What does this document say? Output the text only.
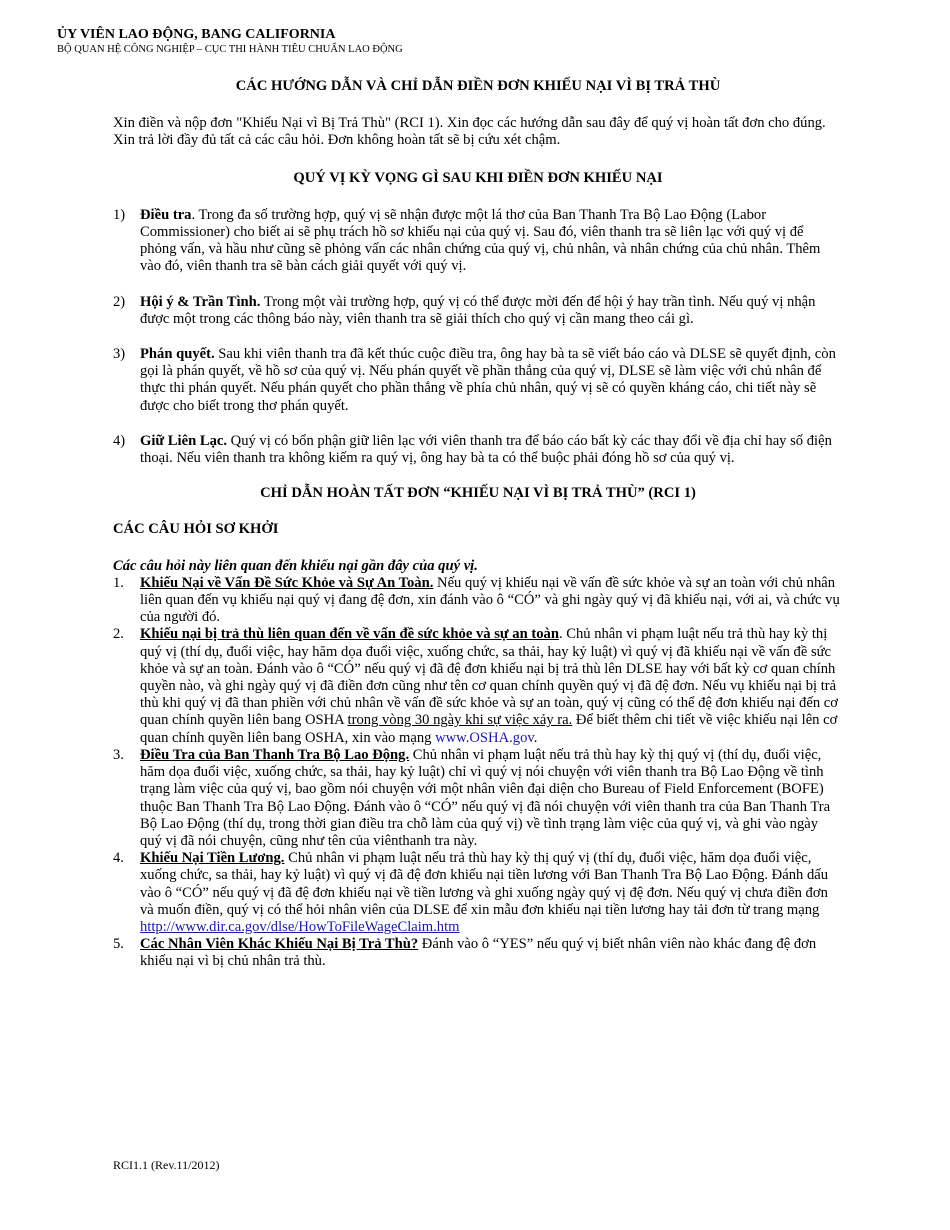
ỦY VIÊN LAO ĐỘNG, BANG CALIFORNIA
BỘ QUAN HỆ CÔNG NGHIỆP – CỤC THI HÀNH TIÊU CHUẨN LAO ĐỘNG

CÁC HƯỚNG DẪN VÀ CHỈ DẪN ĐIỀN ĐƠN KHIẾU NẠI VÌ BỊ TRẢ THÙ

Xin điền và nộp đơn "Khiếu Nại vì Bị Trả Thù" (RCI 1). Xin đọc các hướng dẫn sau đây để quý vị hoàn tất đơn cho đúng. Xin trả lời đầy đủ tất cả các câu hỏi. Đơn không hoàn tất sẽ bị cứu xét chậm.

QUÝ VỊ KỲ VỌNG GÌ SAU KHI ĐIỀN ĐƠN KHIẾU NẠI

1) Điều tra. Trong đa số trường hợp, quý vị sẽ nhận được một lá thơ của Ban Thanh Tra Bộ Lao Động (Labor Commissioner) cho biết ai sẽ phụ trách hồ sơ khiếu nại của quý vị. Sau đó, viên thanh tra sẽ liên lạc với quý vị để phỏng vấn, và hầu như cũng sẽ phỏng vấn các nhân chứng của quý vị, chủ nhân, và nhân chứng của chủ nhân. Thêm vào đó, viên thanh tra sẽ bàn cách giải quyết với quý vị.
2) Hội ý & Trần Tình. Trong một vài trường hợp, quý vị có thể được mời đến để hội ý hay trần tình. Nếu quý vị nhận được một trong các thông báo này, viên thanh tra sẽ giải thích cho quý vị cần mang theo cái gì.
3) Phán quyết. Sau khi viên thanh tra đã kết thúc cuộc điều tra, ông hay bà ta sẽ viết báo cáo và DLSE sẽ quyết định, còn gọi là phán quyết, về hồ sơ của quý vị. Nếu phán quyết về phần thắng của quý vị, DLSE sẽ làm việc với chủ nhân để thực thi phán quyết. Nếu phán quyết cho phần thắng về phía chủ nhân, quý vị sẽ có quyền kháng cáo, chi tiết này sẽ được cho biết trong thơ phán quyết.
4) Giữ Liên Lạc. Quý vị có bổn phận giữ liên lạc với viên thanh tra để báo cáo bất kỳ các thay đổi về địa chỉ hay số điện thoại. Nếu viên thanh tra không kiếm ra quý vị, ông hay bà ta có thể buộc phải đóng hồ sơ của quý vị.

CHỈ DẪN HOÀN TẤT ĐƠN “KHIẾU NẠI VÌ BỊ TRẢ THÙ” (RCI 1)

CÁC CÂU HỎI SƠ KHỞI

Các câu hỏi này liên quan đến khiếu nại gần đây của quý vị.

1. Khiếu Nại về Vấn Đề Sức Khỏe và Sự An Toàn. Nếu quý vị khiếu nại về vấn đề sức khỏe và sự an toàn với chủ nhân liên quan đến vụ khiếu nại quý vị đang đệ đơn, xin đánh vào ô “CÓ” và ghi ngày quý vị đã khiếu nại, với ai, và chức vụ của người đó.
2. Khiếu nại bị trả thù liên quan đến về vấn đề sức khỏe và sự an toàn. Chủ nhân vi phạm luật nếu trả thù hay kỳ thị quý vị (thí dụ, đuổi việc, hay hăm dọa đuổi việc, xuống chức, sa thải, hay kỷ luật) vì quý vị đã khiếu nại về vấn đề sức khỏe và sự an toàn. Đánh vào ô “CÓ” nếu quý vị đã đệ đơn khiếu nại bị trả thù lên DLSE hay với bất kỳ cơ quan chính quyền nào, và ghi ngày quý vị đã điền đơn cũng như tên cơ quan chính quyền quý vị đã đệ đơn. Nếu vụ khiếu nại bị trả thù khi quý vị đã than phiền với chủ nhân về vấn đề sức khỏe và sự an toàn, quý vị cũng có thể đệ đơn khiếu nại đến cơ quan chính quyền liên bang OSHA trong vòng 30 ngày khi sự việc xảy ra. Để biết thêm chi tiết về việc khiếu nại lên cơ quan chính quyền liên bang OSHA, xin vào mạng www.OSHA.gov.
3. Điều Tra của Ban Thanh Tra Bộ Lao Động. Chủ nhân vi phạm luật nếu trả thù hay kỳ thị quý vị (thí dụ, đuổi việc, hăm dọa đuổi việc, xuống chức, sa thải, hay kỷ luật) chỉ vì quý vị nói chuyện với viên thanh tra Bộ Lao Động về tình trạng làm việc của quý vị, bao gồm nói chuyện với một nhân viên đại diện cho Bureau of Field Enforcement (BOFE) thuộc Ban Thanh Tra Bộ Lao Động. Đánh vào ô “CÓ” nếu quý vị đã nói chuyện với viên thanh tra của Ban Thanh Tra Bộ Lao Động (thí dụ, trong thời gian điều tra chỗ làm của quý vị) về tình trạng làm việc của quý vị, và ghi vào ngày quý vị đã nói chuyện, cũng như tên của viênthanh tra này.
4. Khiếu Nại Tiền Lương. Chủ nhân vi phạm luật nếu trả thù hay kỳ thị quý vị (thí dụ, đuổi việc, hăm dọa đuổi việc, xuống chức, sa thải, hay kỷ luật) vì quý vị đã đệ đơn khiếu nại tiền lương với Ban Thanh Tra Bộ Lao Động. Đánh dấu vào ô “CÓ” nếu quý vị đã đệ đơn khiếu nại về tiền lương và ghi xuống ngày quý vị đệ đơn. Nếu quý vị chưa điền đơn và muốn điền, quý vị có thể hỏi nhân viên của DLSE để xin mẫu đơn khiếu nại tiền lương hay tải đơn từ trang mạng http://www.dir.ca.gov/dlse/HowToFileWageClaim.htm
5. Các Nhân Viên Khác Khiếu Nại Bị Trả Thù? Đánh vào ô “YES” nếu quý vị biết nhân viên nào khác đang đệ đơn khiếu nại vì bị chủ nhân trả thù.
RCI1.1 (Rev.11/2012)
